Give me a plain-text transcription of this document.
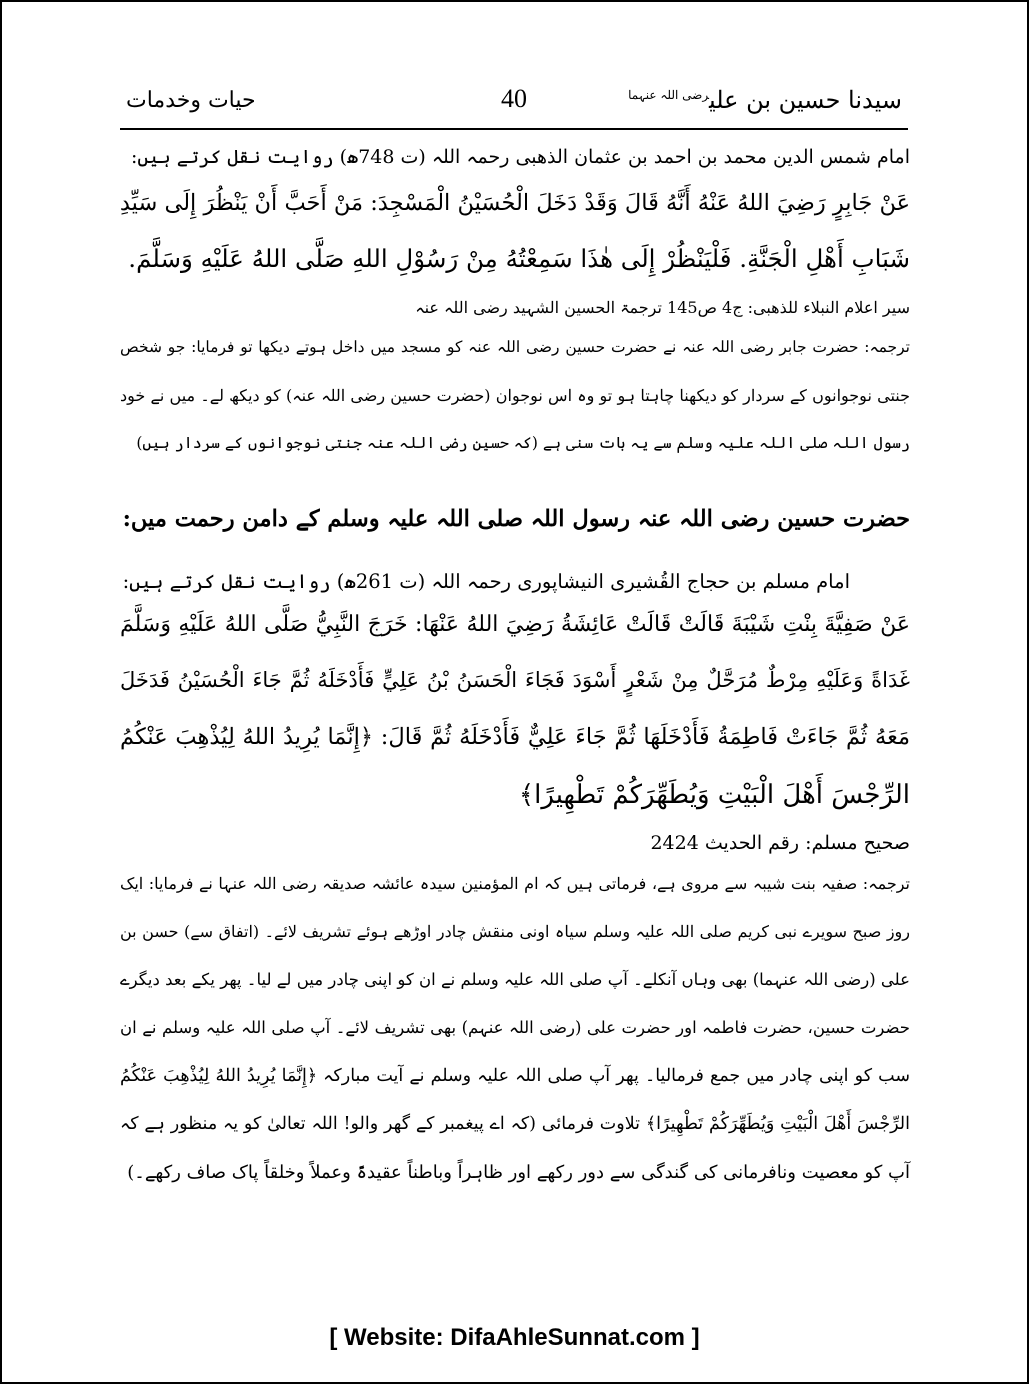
سیدنا حسین بن علی$^{رضی اللہ عنہما}$
40
حیات وخدمات
امام شمس الدین محمد بن احمد بن عثمان الذھبی رحمہ اللہ (ت 748ھ) روایت نقل کرتے ہیں:
عَنْ جَابِرٍ رَضِيَ اللهُ عَنْهُ أَنَّهُ قَالَ وَقَدْ دَخَلَ الْحُسَيْنُ الْمَسْجِدَ: مَنْ أَحَبَّ أَنْ يَنْظُرَ إِلَى سَيِّدِ
شَبَابِ أَهْلِ الْجَنَّةِ. فَلْيَنْظُرْ إِلَى هٰذَا سَمِعْتُهُ مِنْ رَسُوْلِ اللهِ صَلَّى اللهُ عَلَيْهِ وَسَلَّمَ.
سیر اعلام النبلاء للذھبی: ج4 ص145 ترجمۃ الحسین الشہید رضی اللہ عنہ
ترجمہ: حضرت جابر رضی اللہ عنہ نے حضرت حسین رضی اللہ عنہ کو مسجد میں داخل ہوتے دیکھا تو فرمایا: جو شخص
جنتی نوجوانوں کے سردار کو دیکھنا چاہتا ہو تو وہ اس نوجوان (حضرت حسین رضی اللہ عنہ) کو دیکھ لے۔ میں نے خود
رسول اللہ صلی اللہ علیہ وسلم سے یہ بات سنی ہے (کہ حسین رضی اللہ عنہ جنتی نوجوانوں کے سردار ہیں)
حضرت حسین رضی اللہ عنہ رسول اللہ صلی اللہ علیہ وسلم کے دامن رحمت میں:
امام مسلم بن حجاج القُشیری النیشاپوری رحمہ اللہ (ت 261ھ) روایت نقل کرتے ہیں:
عَنْ صَفِيَّةَ بِنْتِ شَيْبَةَ قَالَتْ قَالَتْ عَائِشَةُ رَضِيَ اللهُ عَنْهَا: خَرَجَ النَّبِيُّ صَلَّى اللهُ عَلَيْهِ وَسَلَّمَ
غَدَاةً وَعَلَيْهِ مِرْطٌ مُرَحَّلٌ مِنْ شَعْرٍ أَسْوَدَ فَجَاءَ الْحَسَنُ بْنُ عَلِيٍّ فَأَدْخَلَهُ ثُمَّ جَاءَ الْحُسَيْنُ فَدَخَلَ
مَعَهُ ثُمَّ جَاءَتْ فَاطِمَةُ فَأَدْخَلَهَا ثُمَّ جَاءَ عَلِيٌّ فَأَدْخَلَهُ ثُمَّ قَالَ: ﴿إِنَّمَا يُرِيدُ اللهُ لِيُذْهِبَ عَنْكُمُ
الرِّجْسَ أَهْلَ الْبَيْتِ وَيُطَهِّرَكُمْ تَطْهِيرًا﴾
صحیح مسلم: رقم الحدیث 2424
ترجمہ: صفیہ بنت شیبہ سے مروی ہے، فرماتی ہیں کہ ام المؤمنین سیدہ عائشہ صدیقہ رضی اللہ عنہا نے فرمایا: ایک
روز صبح سویرے نبی کریم صلی اللہ علیہ وسلم سیاہ اونی منقش چادر اوڑھے ہوئے تشریف لائے۔ (اتفاق سے) حسن بن
علی (رضی اللہ عنہما) بھی وہاں آنکلے۔ آپ صلی اللہ علیہ وسلم نے ان کو اپنی چادر میں لے لیا۔ پھر یکے بعد دیگرے
حضرت حسین، حضرت فاطمہ اور حضرت علی (رضی اللہ عنہم) بھی تشریف لائے۔ آپ صلی اللہ علیہ وسلم نے ان
سب کو اپنی چادر میں جمع فرمالیا۔ پھر آپ صلی اللہ علیہ وسلم نے آیت مبارکہ ﴿إِنَّمَا يُرِيدُ اللهُ لِيُذْهِبَ عَنْكُمُ
الرِّجْسَ أَهْلَ الْبَيْتِ وَيُطَهِّرَكُمْ تَطْهِيرًا﴾ تلاوت فرمائی (کہ اے پیغمبر کے گھر والو! اللہ تعالیٰ کو یہ منظور ہے کہ
آپ کو معصیت ونافرمانی کی گندگی سے دور رکھے اور ظاہراً وباطناً عقیدۃً وعملاً وخلقاً پاک صاف رکھے۔)
[ Website: DifaAhleSunnat.com ]
